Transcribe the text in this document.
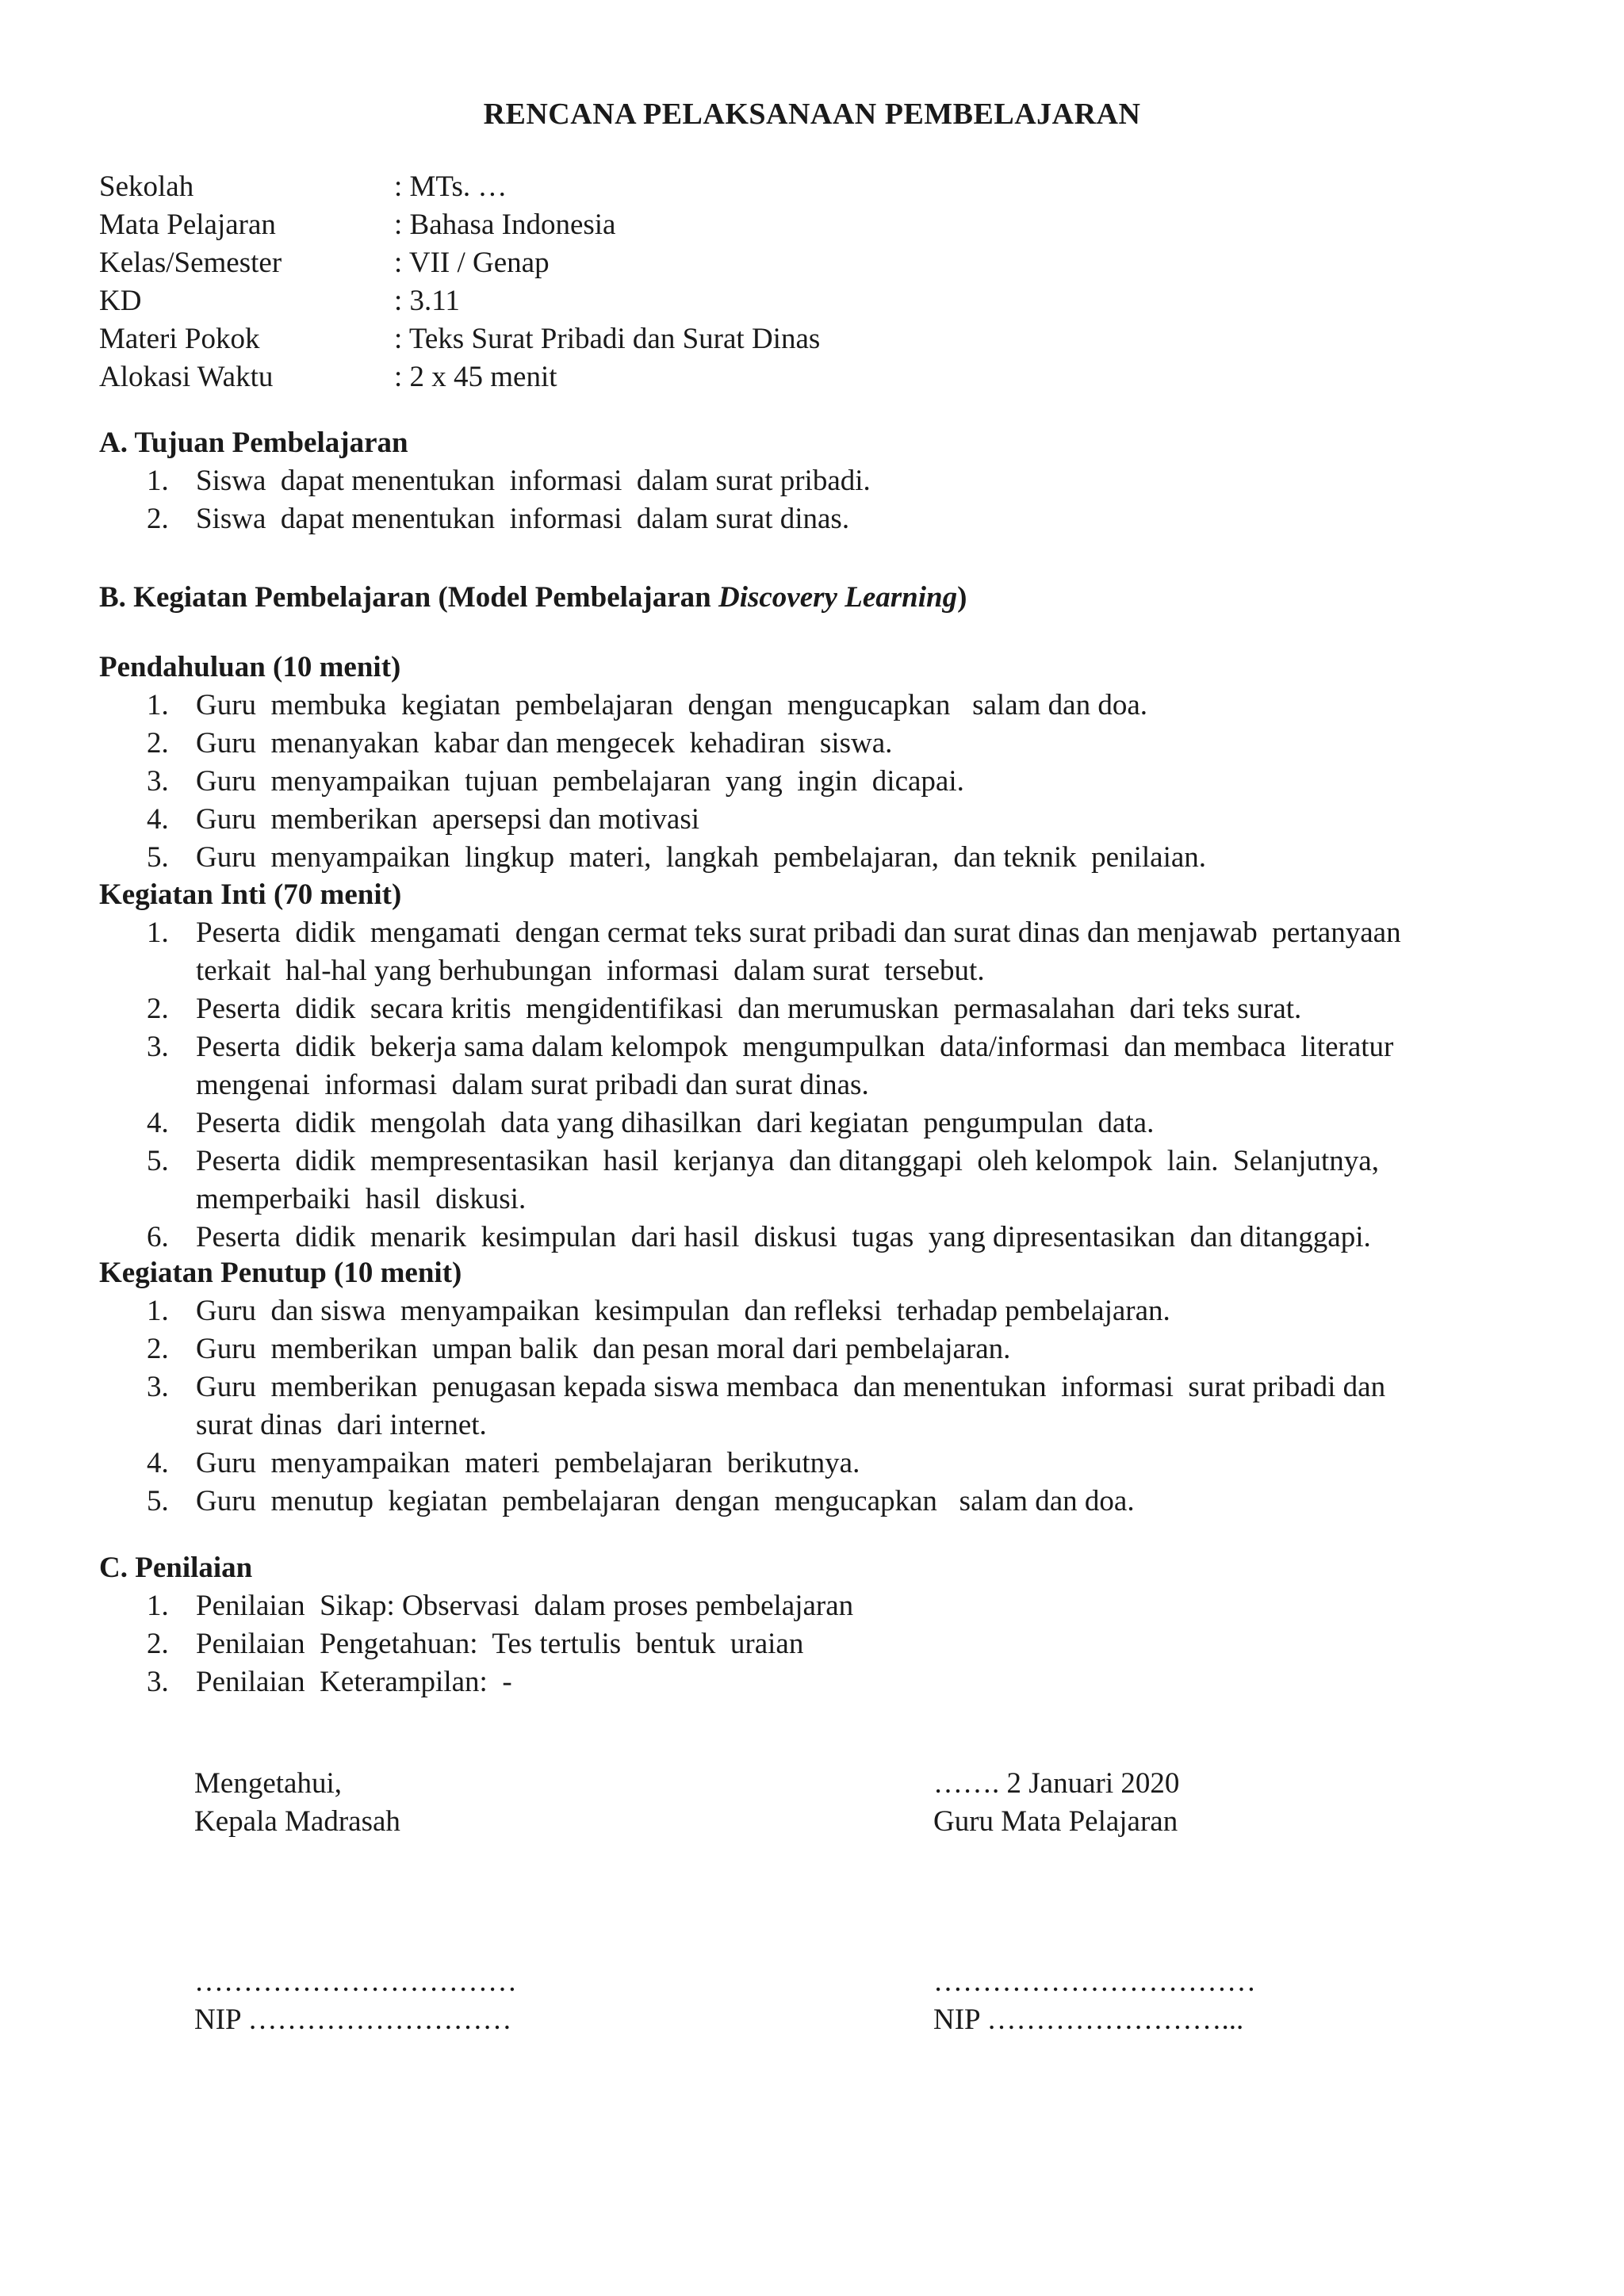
RENCANA PELAKSANAAN PEMBELAJARAN
Sekolah	: MTs. …
Mata Pelajaran	: Bahasa Indonesia
Kelas/Semester	: VII / Genap
KD	: 3.11
Materi Pokok	: Teks Surat Pribadi dan Surat Dinas
Alokasi Waktu	: 2 x 45 menit
A. Tujuan Pembelajaran
1. Siswa  dapat menentukan  informasi  dalam surat pribadi.
2. Siswa  dapat menentukan  informasi  dalam surat dinas.
B. Kegiatan Pembelajaran (Model Pembelajaran Discovery Learning)
Pendahuluan (10 menit)
1. Guru  membuka  kegiatan  pembelajaran  dengan  mengucapkan   salam dan doa.
2. Guru  menanyakan  kabar dan mengecek  kehadiran  siswa.
3. Guru  menyampaikan  tujuan  pembelajaran  yang  ingin  dicapai.
4. Guru  memberikan  apersepsi dan motivasi
5. Guru  menyampaikan  lingkup  materi,  langkah  pembelajaran,  dan teknik  penilaian.
Kegiatan Inti (70 menit)
1. Peserta  didik  mengamati  dengan cermat teks surat pribadi dan surat dinas dan menjawab  pertanyaan
terkait  hal-hal yang berhubungan  informasi  dalam surat  tersebut.
2. Peserta  didik  secara kritis  mengidentifikasi  dan merumuskan  permasalahan  dari teks surat.
3. Peserta  didik  bekerja sama dalam kelompok  mengumpulkan  data/informasi  dan membaca  literatur
mengenai  informasi  dalam surat pribadi dan surat dinas.
4. Peserta  didik  mengolah  data yang dihasilkan  dari kegiatan  pengumpulan  data.
5. Peserta  didik  mempresentasikan  hasil  kerjanya  dan ditanggapi  oleh kelompok  lain.  Selanjutnya,
memperbaiki  hasil  diskusi.
6. Peserta  didik  menarik  kesimpulan  dari hasil  diskusi  tugas  yang dipresentasikan  dan ditanggapi.
Kegiatan Penutup (10 menit)
1. Guru  dan siswa  menyampaikan  kesimpulan  dan refleksi  terhadap pembelajaran.
2. Guru  memberikan  umpan balik  dan pesan moral dari pembelajaran.
3. Guru  memberikan  penugasan kepada siswa membaca  dan menentukan  informasi  surat pribadi dan
surat dinas  dari internet.
4. Guru  menyampaikan  materi  pembelajaran  berikutnya.
5. Guru  menutup  kegiatan  pembelajaran  dengan  mengucapkan   salam dan doa.
C. Penilaian
1. Penilaian  Sikap: Observasi  dalam proses pembelajaran
2. Penilaian  Pengetahuan:  Tes tertulis  bentuk  uraian
3. Penilaian  Keterampilan:  -
Mengetahui,
Kepala Madrasah
……. 2 Januari 2020
Guru Mata Pelajaran
……………………………
NIP ………………………
……………………………
NIP ……………………...
